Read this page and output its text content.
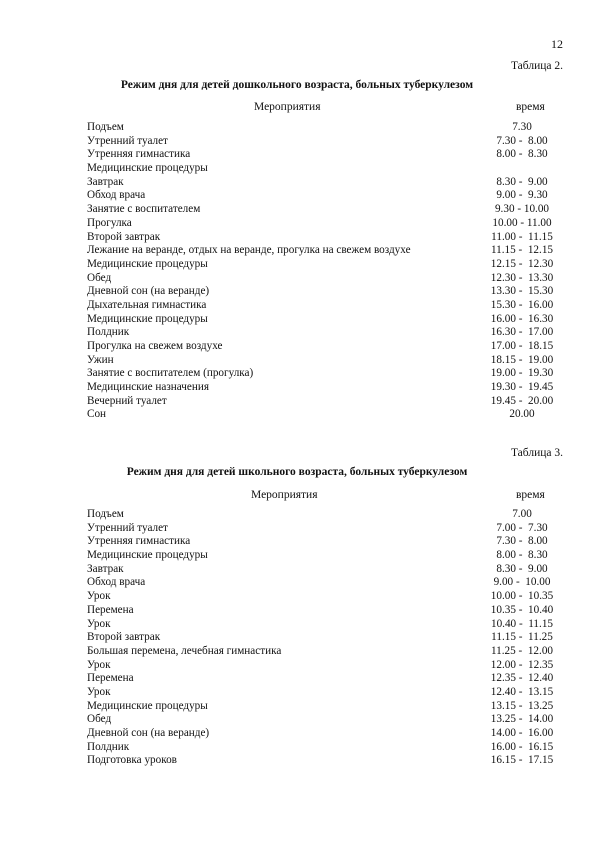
12
Таблица 2.
Режим дня для детей дошкольного возраста, больных туберкулезом
Мероприятия	время
Подъем	7.30
Утренний туалет	7.30 -  8.00
Утренняя гимнастика	8.00 -  8.30
Медицинские процедуры
Завтрак	8.30 -  9.00
Обход врача	9.00 -  9.30
Занятие с воспитателем	9.30 - 10.00
Прогулка	10.00 - 11.00
Второй завтрак	11.00 -  11.15
Лежание на веранде, отдых на веранде, прогулка на свежем воздухе	11.15 -  12.15
Медицинские процедуры	12.15 -  12.30
Обед	12.30 -  13.30
Дневной сон (на веранде)	13.30 -  15.30
Дыхательная гимнастика	15.30 -  16.00
Медицинские процедуры	16.00 -  16.30
Полдник	16.30 -  17.00
Прогулка на свежем воздухе	17.00 -  18.15
Ужин	18.15 -  19.00
Занятие с воспитателем (прогулка)	19.00 -  19.30
Медицинские назначения	19.30 -  19.45
Вечерний туалет	19.45 -  20.00
Сон	20.00
Таблица 3.
Режим дня для детей школьного возраста, больных туберкулезом
Мероприятия	время
Подъем	7.00
Утренний туалет	7.00 -  7.30
Утренняя гимнастика	7.30 -  8.00
Медицинские процедуры	8.00 -  8.30
Завтрак	8.30 -  9.00
Обход врача	9.00 -  10.00
Урок	10.00 -  10.35
Перемена	10.35 -  10.40
Урок	10.40 -  11.15
Второй завтрак	11.15 -  11.25
Большая перемена, лечебная гимнастика	11.25 -  12.00
Урок	12.00 -  12.35
Перемена	12.35 -  12.40
Урок	12.40 -  13.15
Медицинские процедуры	13.15 -  13.25
Обед	13.25 -  14.00
Дневной сон (на веранде)	14.00 -  16.00
Полдник	16.00 -  16.15
Подготовка уроков	16.15 -  17.15
